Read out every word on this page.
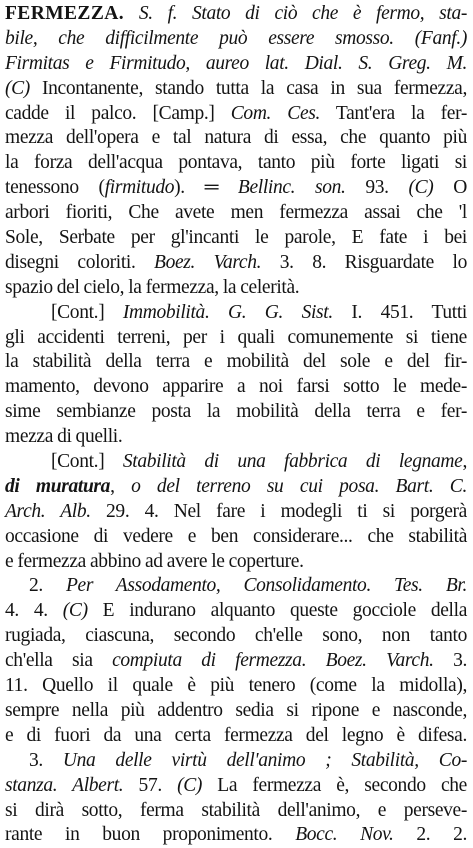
FERMEZZA. S. f. Stato di ciò che è fermo, sta-
bile, che difficilmente può essere smosso. (Fanf.)
Firmitas e Firmitudo, aureo lat. Dial. S. Greg. M.
(C) Incontanente, stando tutta la casa in sua fermezza,
cadde il palco. [Camp.] Com. Ces. Tant'era la fer-
mezza dell'opera e tal natura di essa, che quanto più
la forza dell'acqua pontava, tanto più forte ligati si
tenessono (firmitudo). ═ Bellinc. son. 93. (C) O
arbori fioriti, Che avete men fermezza assai che 'l
Sole, Serbate per gl'incanti le parole, E fate i bei
disegni coloriti. Boez. Varch. 3. 8. Risguardate lo
spazio del cielo, la fermezza, la celerità.
[Cont.] Immobilità. G. G. Sist. I. 451. Tutti
gli accidenti terreni, per i quali comunemente si tiene
la stabilità della terra e mobilità del sole e del fir-
mamento, devono apparire a noi farsi sotto le mede-
sime sembianze posta la mobilità della terra e fer-
mezza di quelli.
[Cont.] Stabilità di una fabbrica di legname,
di muratura, o del terreno su cui posa. Bart. C.
Arch. Alb. 29. 4. Nel fare i modegli ti si porgerà
occasione di vedere e ben considerare... che stabilità
e fermezza abbino ad avere le coperture.
2. Per Assodamento, Consolidamento. Tes. Br.
4. 4. (C) E indurano alquanto queste gocciole della
rugiada, ciascuna, secondo ch'elle sono, non tanto
ch'ella sia compiuta di fermezza. Boez. Varch. 3.
11. Quello il quale è più tenero (come la midolla),
sempre nella più addentro sedia si ripone e nasconde,
e di fuori da una certa fermezza del legno è difesa.
3. Una delle virtù dell'animo ; Stabilità, Co-
stanza. Albert. 57. (C) La fermezza è, secondo che
si dirà sotto, ferma stabilità dell'animo, e perseve-
rante in buon proponimento. Bocc. Nov. 2. 2.
